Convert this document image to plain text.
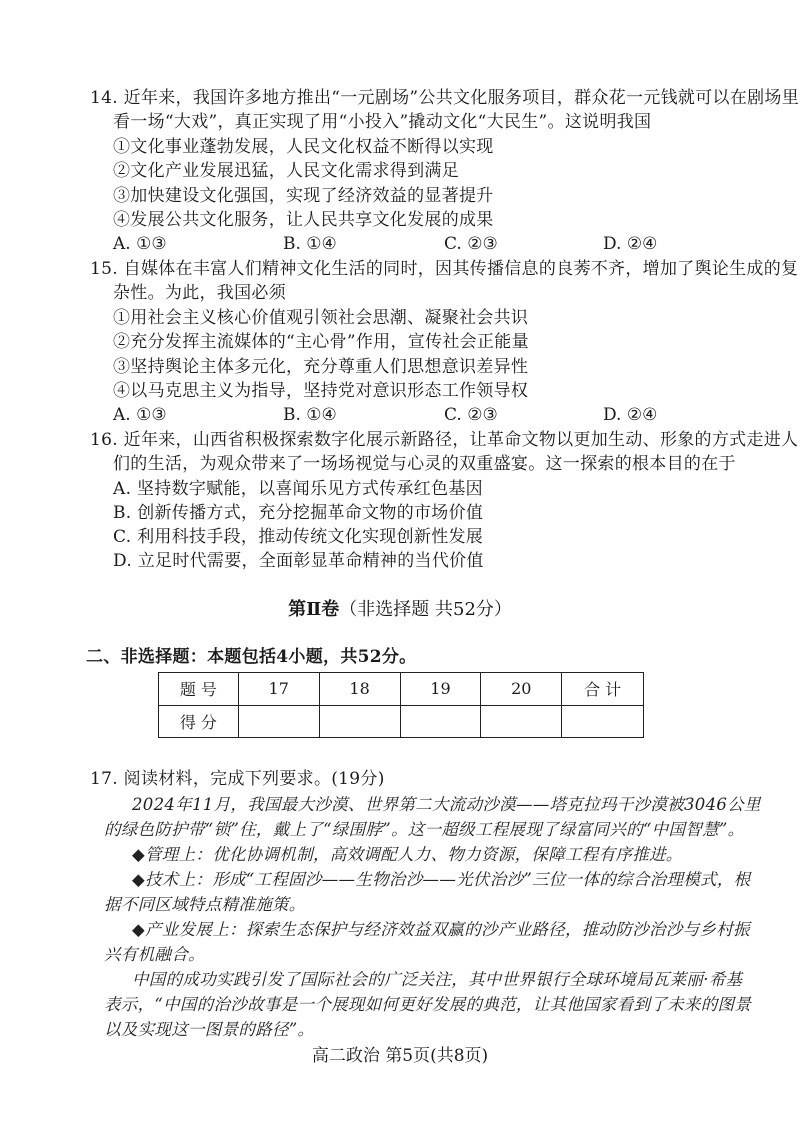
14. 近年来，我国许多地方推出“一元剧场”公共文化服务项目，群众花一元钱就可以在剧场里
看一场“大戏”，真正实现了用“小投入”撬动文化“大民生”。这说明我国
①文化事业蓬勃发展，人民文化权益不断得以实现
②文化产业发展迅猛，人民文化需求得到满足
③加快建设文化强国，实现了经济效益的显著提升
④发展公共文化服务，让人民共享文化发展的成果
A. ①③	B. ①④	C. ②③	D. ②④
15. 自媒体在丰富人们精神文化生活的同时，因其传播信息的良莠不齐，增加了舆论生成的复
杂性。为此，我国必须
①用社会主义核心价值观引领社会思潮、凝聚社会共识
②充分发挥主流媒体的“主心骨”作用，宣传社会正能量
③坚持舆论主体多元化，充分尊重人们思想意识差异性
④以马克思主义为指导，坚持党对意识形态工作领导权
A. ①③	B. ①④	C. ②③	D. ②④
16. 近年来，山西省积极探索数字化展示新路径，让革命文物以更加生动、形象的方式走进人
们的生活，为观众带来了一场场视觉与心灵的双重盛宴。这一探索的根本目的在于
A. 坚持数字赋能，以喜闻乐见方式传承红色基因
B. 创新传播方式，充分挖掘革命文物的市场价值
C. 利用科技手段，推动传统文化实现创新性发展
D. 立足时代需要，全面彰显革命精神的当代价值
第Ⅱ卷（非选择题 共52分）
二、非选择题：本题包括4小题，共52分。
题 号	17	18	19	20	合 计
得 分					
17. 阅读材料，完成下列要求。(19分)
2024年11月，我国最大沙漠、世界第二大流动沙漠——塔克拉玛干沙漠被3046公里
的绿色防护带“锁”住，戴上了“绿围脖”。这一超级工程展现了绿富同兴的“中国智慧”。
◆管理上：优化协调机制，高效调配人力、物力资源，保障工程有序推进。
◆技术上：形成“工程固沙——生物治沙——光伏治沙”三位一体的综合治理模式，根
据不同区域特点精准施策。
◆产业发展上：探索生态保护与经济效益双赢的沙产业路径，推动防沙治沙与乡村振
兴有机融合。
中国的成功实践引发了国际社会的广泛关注，其中世界银行全球环境局瓦莱丽·希基
表示，“中国的治沙故事是一个展现如何更好发展的典范，让其他国家看到了未来的图景
以及实现这一图景的路径”。
高二政治 第5页(共8页)
